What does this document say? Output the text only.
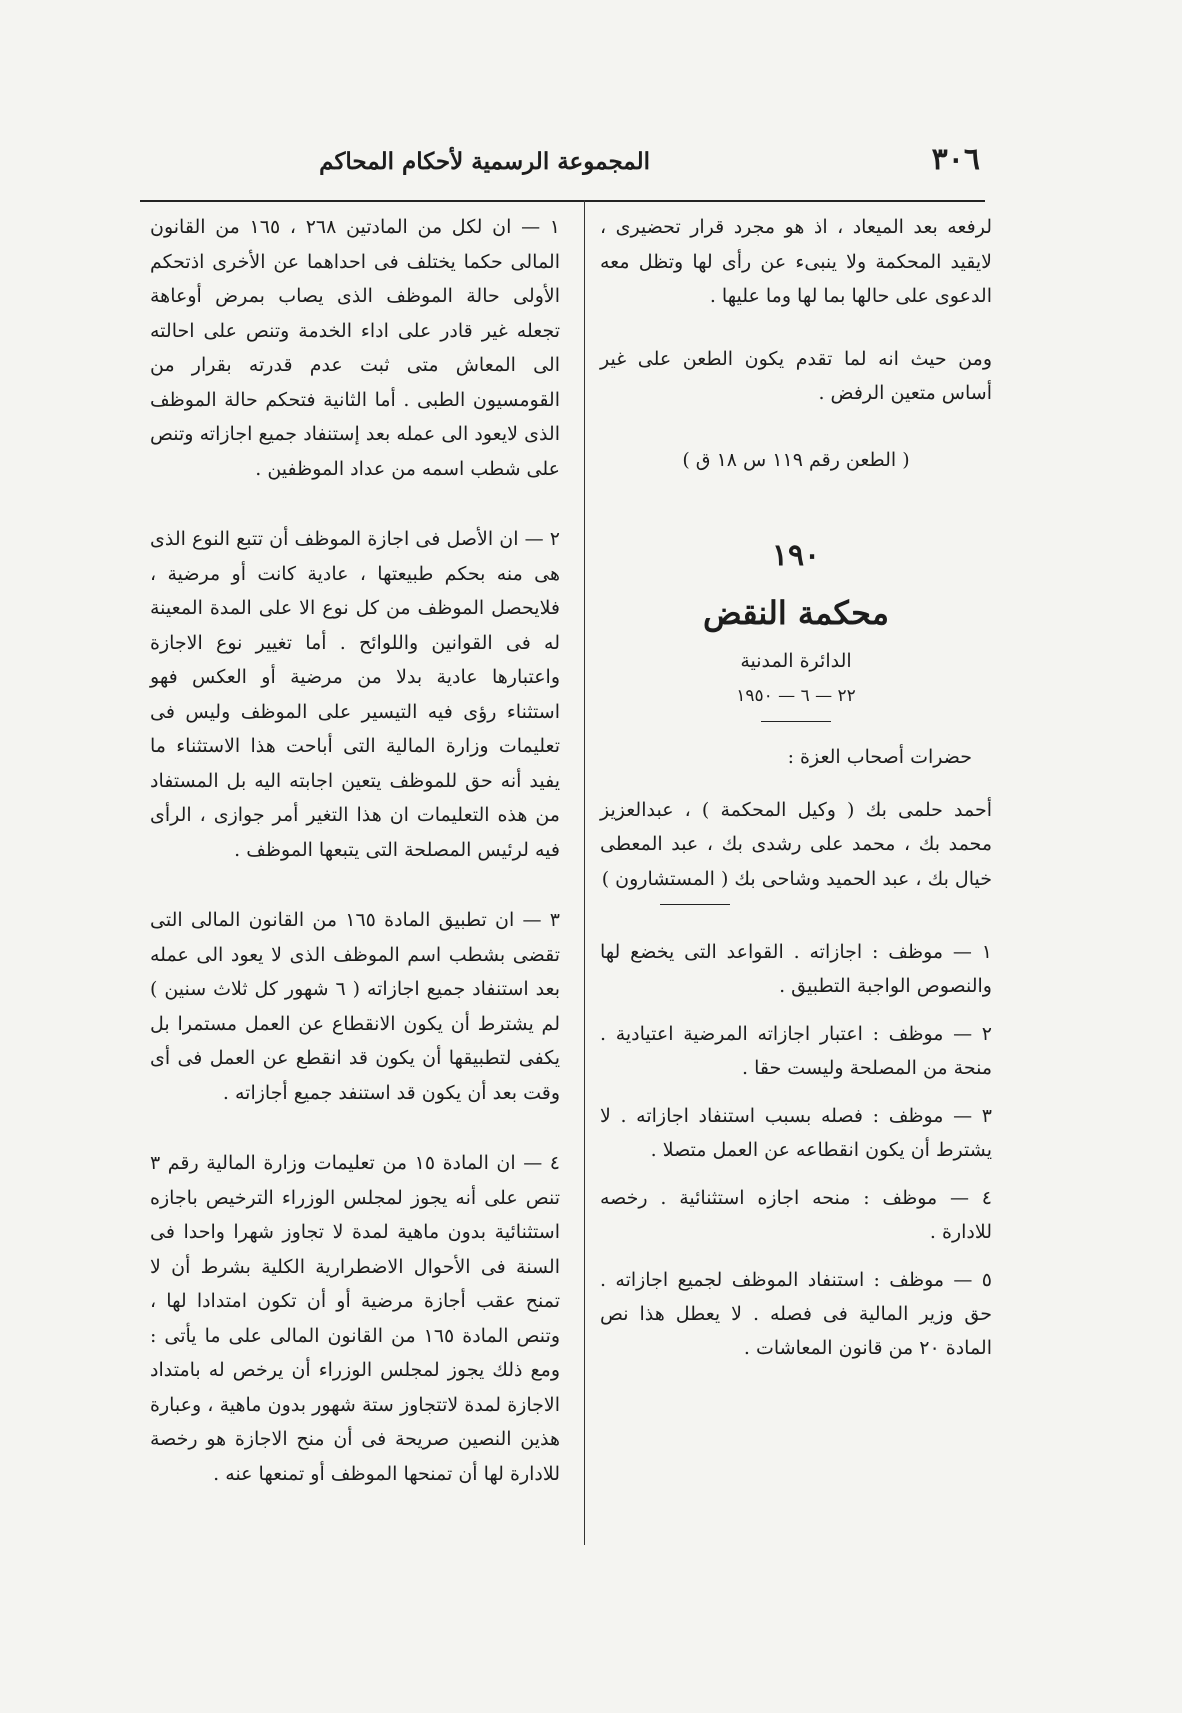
٣٠٦
المجموعة الرسمية لأحكام المحاكم

لرفعه بعد الميعاد ، اذ هو مجرد قرار تحضيرى ، لايقيد المحكمة ولا ينبىء عن رأى لها وتظل معه الدعوى على حالها بما لها وما عليها .

ومن حيث انه لما تقدم يكون الطعن على غير أساس متعين الرفض .

( الطعن رقم ١١٩ س ١٨ ق )

١٩٠

محكمة النقض

الدائرة المدنية

٢٢ — ٦ — ١٩٥٠

حضرات أصحاب العزة :

أحمد حلمى بك ( وكيل المحكمة ) ، عبدالعزيز محمد بك ، محمد على رشدى بك ، عبد المعطى خيال بك ، عبد الحميد وشاحى بك ( المستشارون )

١ — موظف : اجازاته . القواعد التى يخضع لها والنصوص الواجبة التطبيق .

٢ — موظف : اعتبار اجازاته المرضية اعتيادية . منحة من المصلحة وليست حقا .

٣ — موظف : فصله بسبب استنفاد اجازاته . لا يشترط أن يكون انقطاعه عن العمل متصلا .

٤ — موظف : منحه اجازه استثنائية . رخصه للادارة .

٥ — موظف : استنفاد الموظف لجميع اجازاته . حق وزير المالية فى فصله . لا يعطل هذا نص المادة ٢٠ من قانون المعاشات .

١ — ان لكل من المادتين ٢٦٨ ، ١٦٥ من القانون المالى حكما يختلف فى احداهما عن الأخرى اذتحكم الأولى حالة الموظف الذى يصاب بمرض أوعاهة تجعله غير قادر على اداء الخدمة وتنص على احالته الى المعاش متى ثبت عدم قدرته بقرار من القومسيون الطبى . أما الثانية فتحكم حالة الموظف الذى لايعود الى عمله بعد إستنفاد جميع اجازاته وتنص على شطب اسمه من عداد الموظفين .

٢ — ان الأصل فى اجازة الموظف أن تتبع النوع الذى هى منه بحكم طبيعتها ، عادية كانت أو مرضية ، فلايحصل الموظف من كل نوع الا على المدة المعينة له فى القوانين واللوائح . أما تغيير نوع الاجازة واعتبارها عادية بدلا من مرضية أو العكس فهو استثناء رؤى فيه التيسير على الموظف وليس فى تعليمات وزارة المالية التى أباحت هذا الاستثناء ما يفيد أنه حق للموظف يتعين اجابته اليه بل المستفاد من هذه التعليمات ان هذا التغير أمر جوازى ، الرأى فيه لرئيس المصلحة التى يتبعها الموظف .

٣ — ان تطبيق المادة ١٦٥ من القانون المالى التى تقضى بشطب اسم الموظف الذى لا يعود الى عمله بعد استنفاد جميع اجازاته ( ٦ شهور كل ثلاث سنين ) لم يشترط أن يكون الانقطاع عن العمل مستمرا بل يكفى لتطبيقها أن يكون قد انقطع عن العمل فى أى وقت بعد أن يكون قد استنفد جميع أجازاته .

٤ — ان المادة ١٥ من تعليمات وزارة المالية رقم ٣ تنص على أنه يجوز لمجلس الوزراء الترخيص باجازه استثنائية بدون ماهية لمدة لا تجاوز شهرا واحدا فى السنة فى الأحوال الاضطرارية الكلية بشرط أن لا تمنح عقب أجازة مرضية أو أن تكون امتدادا لها ، وتنص المادة ١٦٥ من القانون المالى على ما يأتى : ومع ذلك يجوز لمجلس الوزراء أن يرخص له بامتداد الاجازة لمدة لاتتجاوز ستة شهور بدون ماهية ، وعبارة هذين النصين صريحة فى أن منح الاجازة هو رخصة للادارة لها أن تمنحها الموظف أو تمنعها عنه .
